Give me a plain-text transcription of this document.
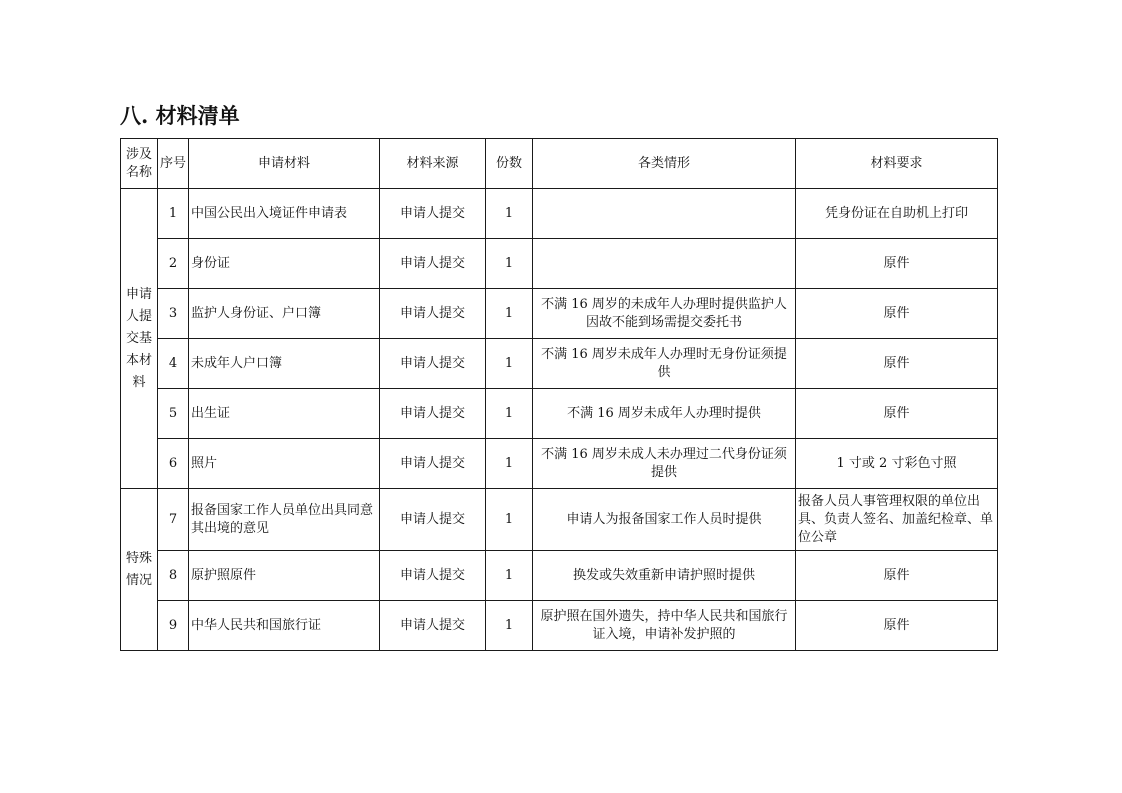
八. 材料清单
涉及
名称	序号	申请材料	材料来源	份数	各类情形	材料要求

申请
人提
交基
本材
料	1	中国公民出入境证件申请表	申请人提交	1		凭身份证在自助机上打印
	2	身份证	申请人提交	1		原件
	3	监护人身份证、户口簿	申请人提交	1	不满 16 周岁的未成年人办理时提供监护人因故不能到场需提交委托书	原件
	4	未成年人户口簿	申请人提交	1	不满 16 周岁未成年人办理时无身份证须提供	原件
	5	出生证	申请人提交	1	不满 16 周岁未成年人办理时提供	原件
	6	照片	申请人提交	1	不满 16 周岁未成人未办理过二代身份证须提供	1 寸或 2 寸彩色寸照

特殊
情况	7	报备国家工作人员单位出具同意其出境的意见	申请人提交	1	申请人为报备国家工作人员时提供	报备人员人事管理权限的单位出具、负责人签名、加盖纪检章、单位公章
	8	原护照原件	申请人提交	1	换发或失效重新申请护照时提供	原件
	9	中华人民共和国旅行证	申请人提交	1	原护照在国外遗失，持中华人民共和国旅行证入境，申请补发护照的	原件
